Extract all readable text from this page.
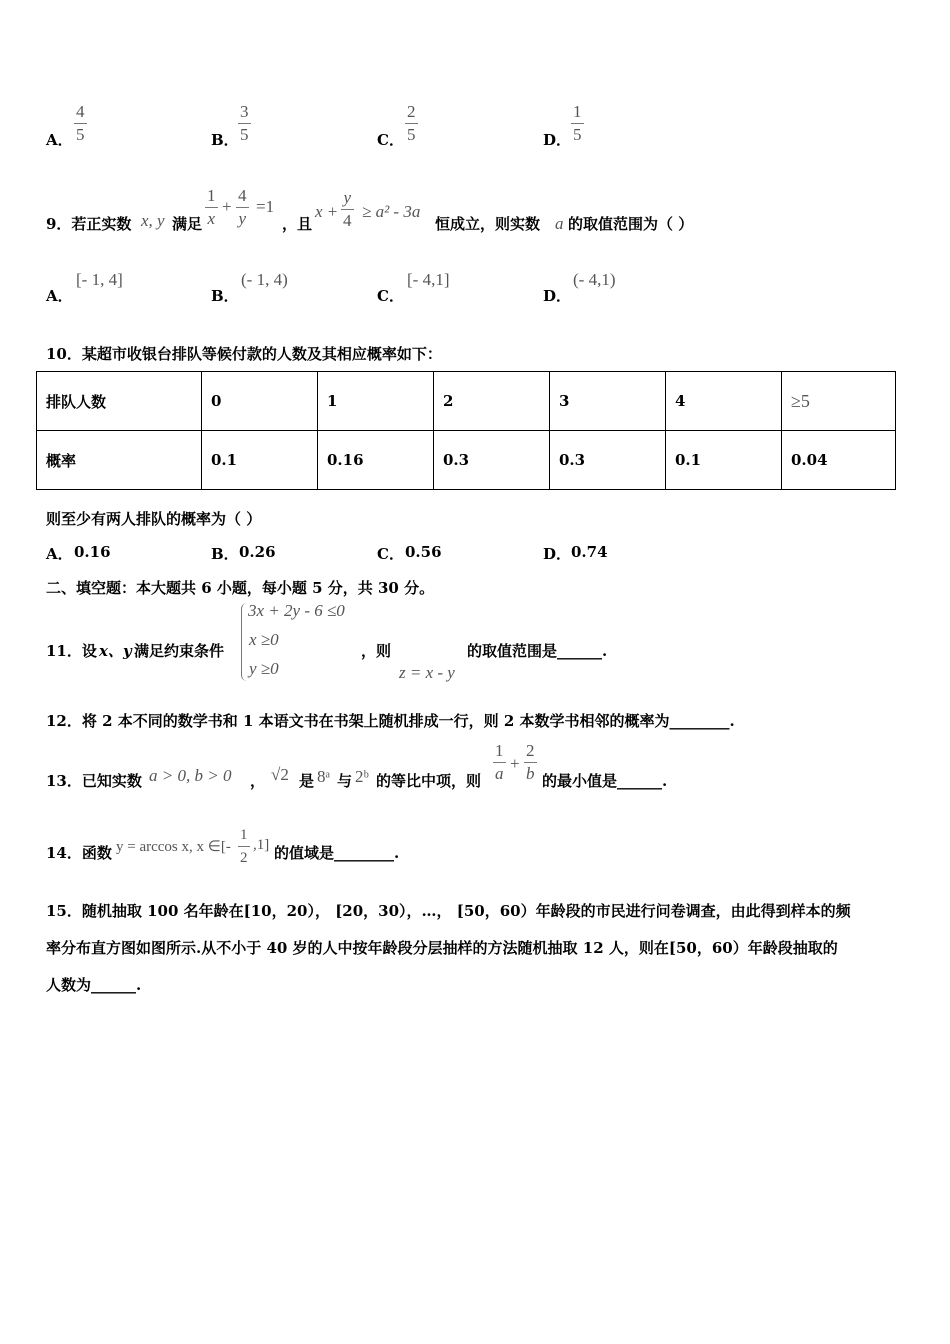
A．
4
5	B．
3
5	C．
2
5	D．
1
5
9．若正实数 x, y 满足
1
x
+
4
y
=1
，且
x +
y
4 ≥ a² - 3a
恒成立，则实数 a 的取值范围为（ ）
A．
[- 1, 4]
B．
(- 1, 4)
C．
[- 4,1]
D．
(- 4,1)
10．某超市收银台排队等候付款的人数及其相应概率如下：
排队人数	0	1	2	3	4	≥5
概率	0.1	0.16	0.3	0.3	0.1	0.04
则至少有两人排队的概率为（ ）
A． 0.16	B． 0.26	C． 0.56	D． 0.74
二、填空题：本大题共 6 小题，每小题 5 分，共 30 分。
11．设 x、y 满足约束条件
3x + 2y - 6 ≤0
x ≥0
y ≥0
，则
z = x - y
的取值范围是______.
12．将 2 本不同的数学书和 1 本语文书在书架上随机排成一行，则 2 本数学书相邻的概率为________.
13．已知实数 a > 0, b > 0 ， √2 是 8ᵃ 与 2ᵇ 的等比中项，则
1
a
+
2
b 的最小值是______.
14．函数 y = arccos x, x ∈[-
1
2
,1] 的值域是________.
15．随机抽取 100 名年龄在[10，20）， [20，30），…， [50，60）年龄段的市民进行问卷调查，由此得到样本的频
率分布直方图如图所示.从不小于 40 岁的人中按年龄段分层抽样的方法随机抽取 12 人，则在[50，60）年龄段抽取的
人数为______.
